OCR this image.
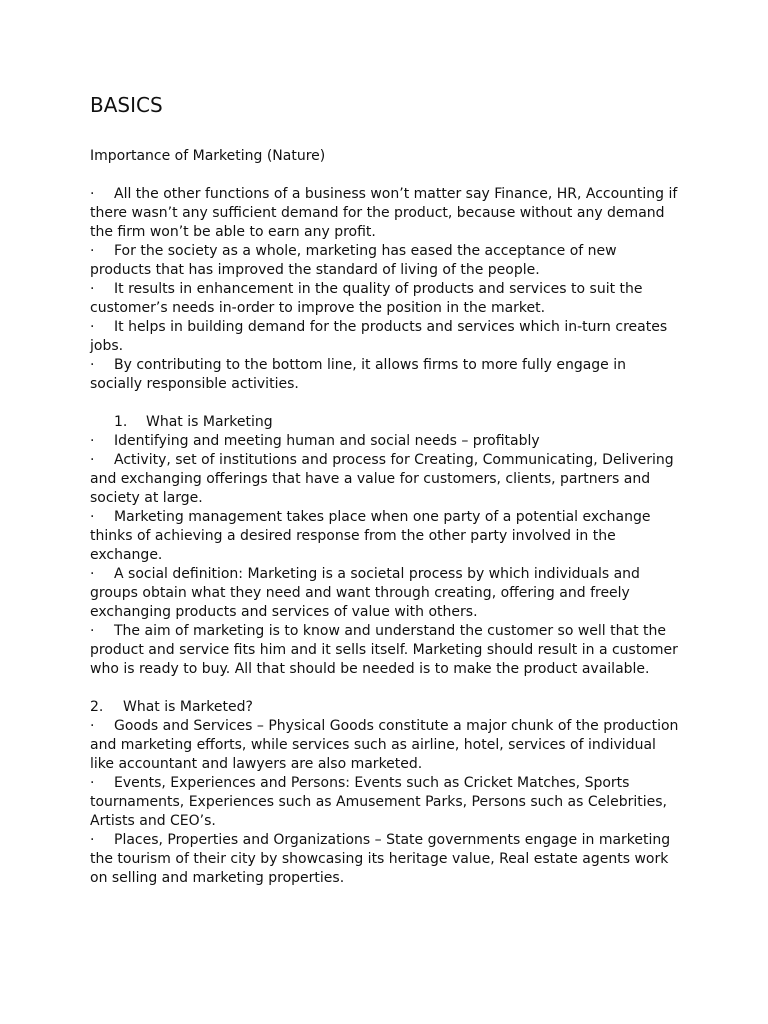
BASICS

Importance of Marketing (Nature)

· All the other functions of a business won’t matter say Finance, HR, Accounting if there wasn’t any sufficient demand for the product, because without any demand the firm won’t be able to earn any profit.

· For the society as a whole, marketing has eased the acceptance of new products that has improved the standard of living of the people.

· It results in enhancement in the quality of products and services to suit the customer’s needs in-order to improve the position in the market.

· It helps in building demand for the products and services which in-turn creates jobs.

· By contributing to the bottom line, it allows firms to more fully engage in socially responsible activities.

1. What is Marketing

· Identifying and meeting human and social needs – profitably

· Activity, set of institutions and process for Creating, Communicating, Delivering and exchanging offerings that have a value for customers, clients, partners and society at large.

· Marketing management takes place when one party of a potential exchange thinks of achieving a desired response from the other party involved in the exchange.

· A social definition: Marketing is a societal process by which individuals and groups obtain what they need and want through creating, offering and freely exchanging products and services of value with others.

· The aim of marketing is to know and understand the customer so well that the product and service fits him and it sells itself. Marketing should result in a customer who is ready to buy. All that should be needed is to make the product available.

2. What is Marketed?

· Goods and Services – Physical Goods constitute a major chunk of the production and marketing efforts, while services such as airline, hotel, services of individual like accountant and lawyers are also marketed.

· Events, Experiences and Persons: Events such as Cricket Matches, Sports tournaments, Experiences such as Amusement Parks, Persons such as Celebrities, Artists and CEO’s.

· Places, Properties and Organizations – State governments engage in marketing the tourism of their city by showcasing its heritage value, Real estate agents work on selling and marketing properties.
